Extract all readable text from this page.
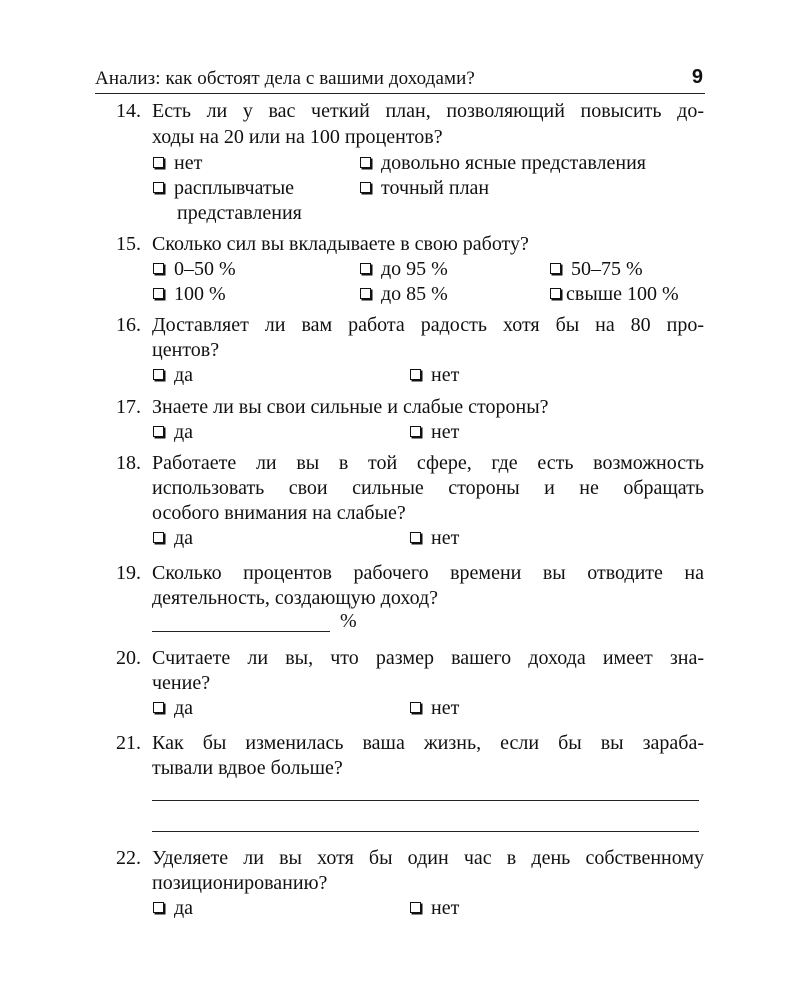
Анализ: как обстоят дела с вашими доходами?	9
14. Есть ли у вас четкий план, позволяющий повысить до-
ходы на 20 или на 100 процентов?
нет	довольно ясные представления
расплывчатые	точный план
представления
15. Сколько сил вы вкладываете в свою работу?
0–50 %	до 95 %	50–75 %
100 %	до 85 %	свыше 100 %
16. Доставляет ли вам работа радость хотя бы на 80 про-
центов?
да	нет
17. Знаете ли вы свои сильные и слабые стороны?
да	нет
18. Работаете ли вы в той сфере, где есть возможность
использовать свои сильные стороны и не обращать
особого внимания на слабые?
да	нет
19. Сколько процентов рабочего времени вы отводите на
деятельность, создающую доход?
%
20. Считаете ли вы, что размер вашего дохода имеет зна-
чение?
да	нет
21. Как бы изменилась ваша жизнь, если бы вы зараба-
тывали вдвое больше?
22. Уделяете ли вы хотя бы один час в день собственному
позиционированию?
да	нет
